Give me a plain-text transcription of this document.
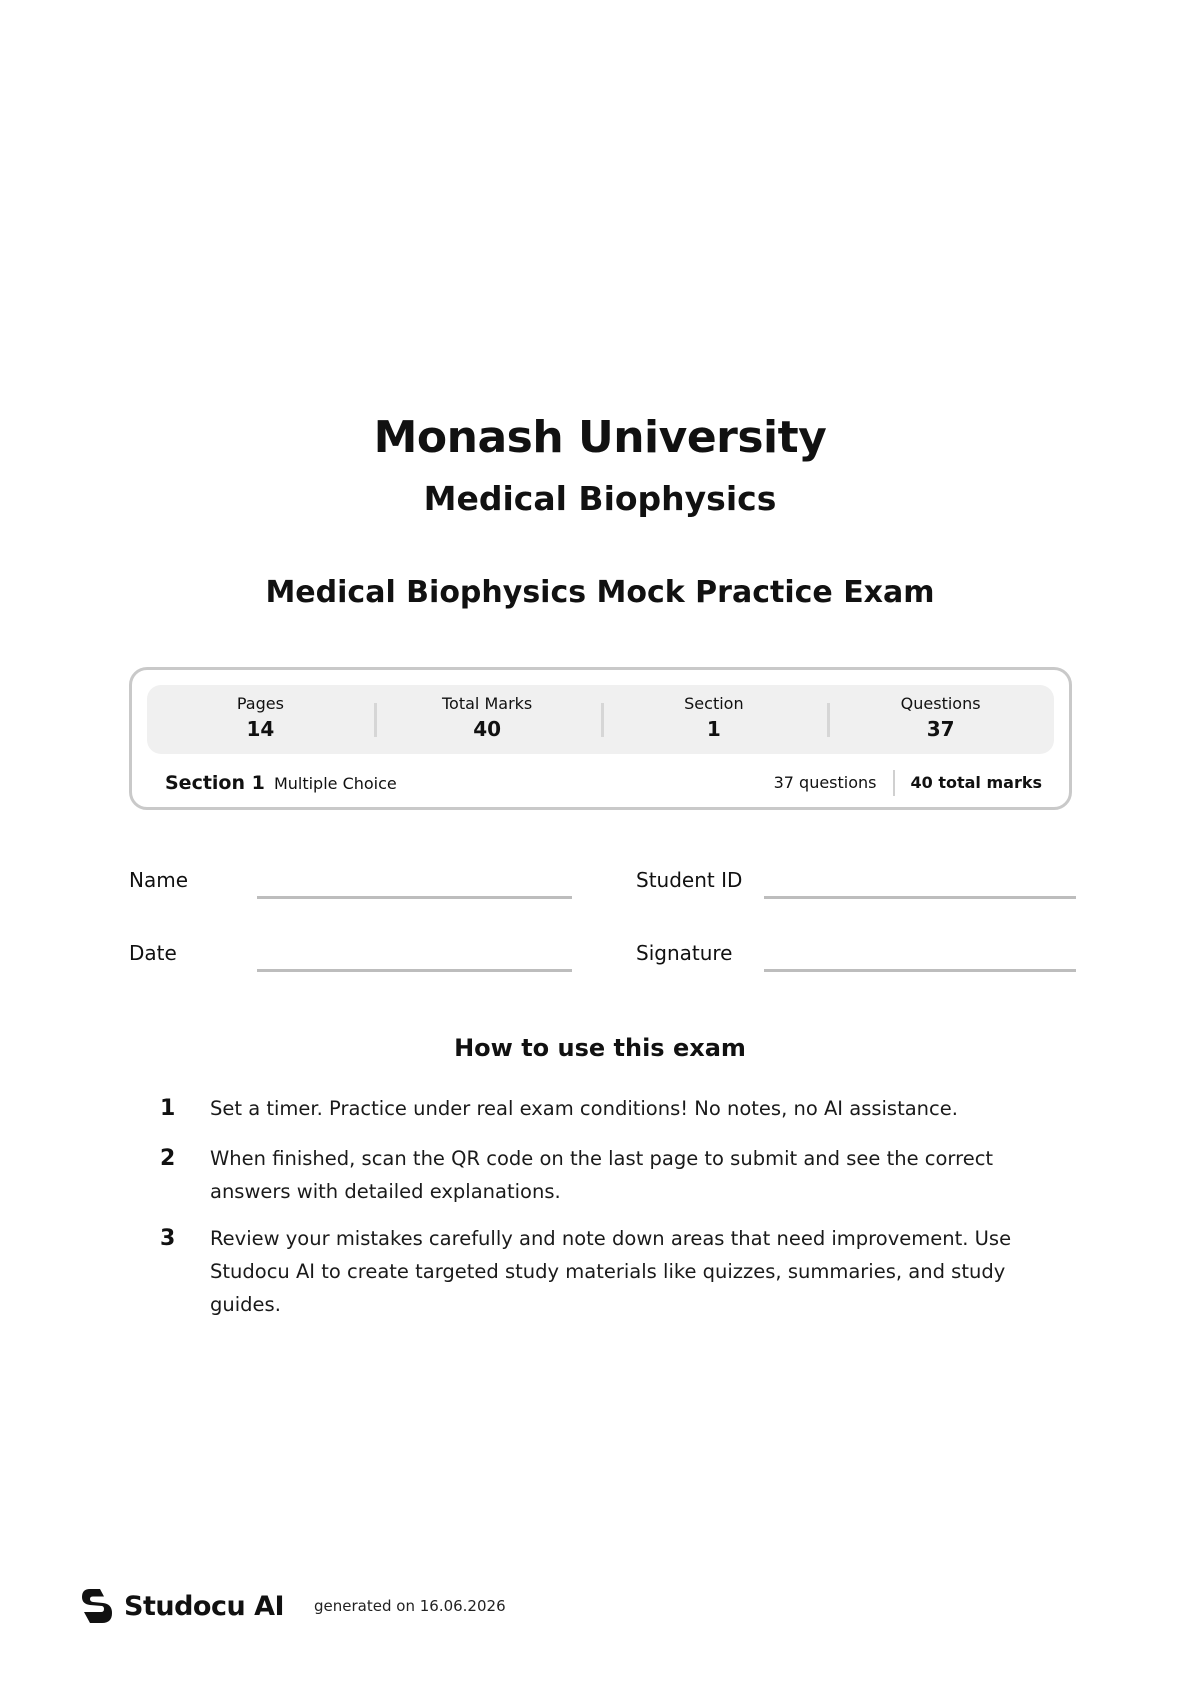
Monash University
Medical Biophysics
Medical Biophysics Mock Practice Exam
Pages
14
Total Marks
40
Section
1
Questions
37
Section 1 Multiple Choice	37 questions	40 total marks
Name	Student ID
Date	Signature
How to use this exam
1	Set a timer. Practice under real exam conditions! No notes, no AI assistance.
2	When finished, scan the QR code on the last page to submit and see the correct answers with detailed explanations.
3	Review your mistakes carefully and note down areas that need improvement. Use Studocu AI to create targeted study materials like quizzes, summaries, and study guides.
Studocu AI generated on 16.06.2026
